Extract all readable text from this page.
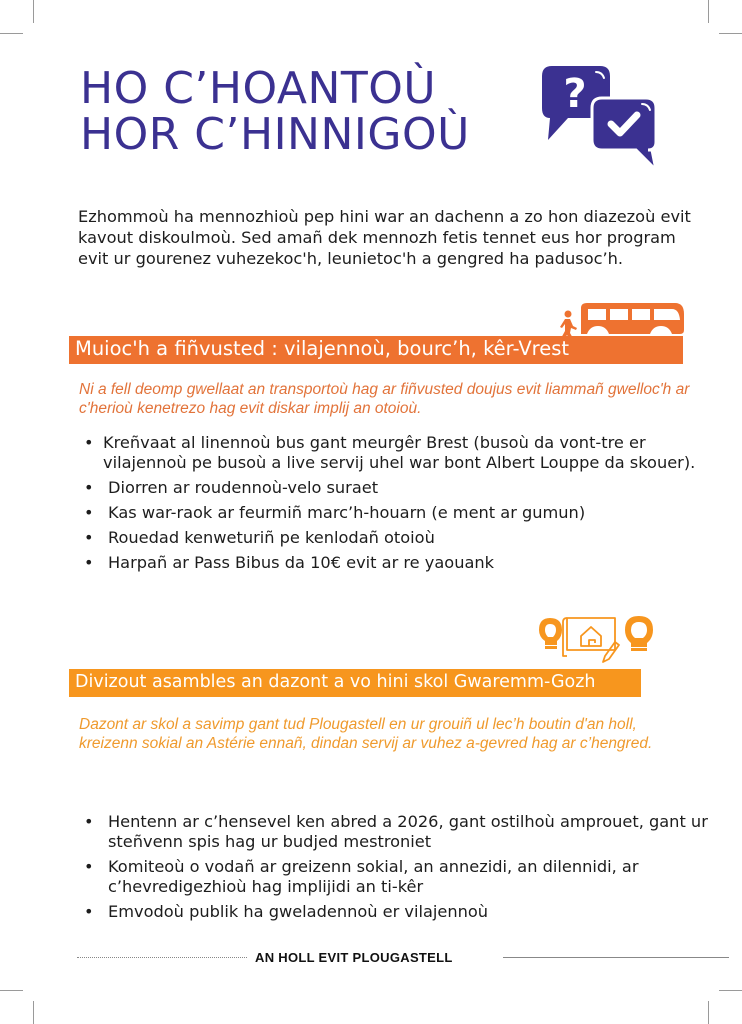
HO C’HOANTOÙ
HOR C’HINNIGOÙ
?
Ezhommoù ha mennozhioù pep hini war an dachenn a zo hon diazezoù evit kavout diskoulmoù. Sed amañ dek mennozh fetis tennet eus hor program evit ur gourenez vuhezekoc'h, leunietoc'h a gengred ha padusoc’h.
Muioc'h a fiñvusted : vilajennoù, bourc’h, kêr-Vrest
Ni a fell deomp gwellaat an transportoù hag ar fiñvusted doujus evit liammañ gwelloc'h ar c'herioù kenetrezo hag evit diskar implij an otoioù.
• Kreñvaat al linennoù bus gant meurgêr Brest (busoù da vont-tre er vilajennoù pe busoù a live servij uhel war bont Albert Louppe da skouer).
• Diorren ar roudennoù-velo suraet
• Kas war-raok ar feurmiñ marc’h-houarn (e ment ar gumun)
• Rouedad kenweturiñ pe kenlodañ otoioù
• Harpañ ar Pass Bibus da 10€ evit ar re yaouank
Divizout asambles an dazont a vo hini skol Gwaremm-Gozh
Dazont ar skol a savimp gant tud Plougastell en ur grouiñ ul lec’h boutin d'an holl, kreizenn sokial an Astérie ennañ, dindan servij ar vuhez a-gevred hag ar c’hengred.
• Hentenn ar c’hensevel ken abred a 2026, gant ostilhoù amprouet, gant ur steñvenn spis hag ur budjed mestroniet
• Komiteoù o vodañ ar greizenn sokial, an annezidi, an dilennidi, ar c’hevredigezhioù hag implijidi an ti-kêr
• Emvodoù publik ha gweladennoù er vilajennoù
AN HOLL EVIT PLOUGASTELL
